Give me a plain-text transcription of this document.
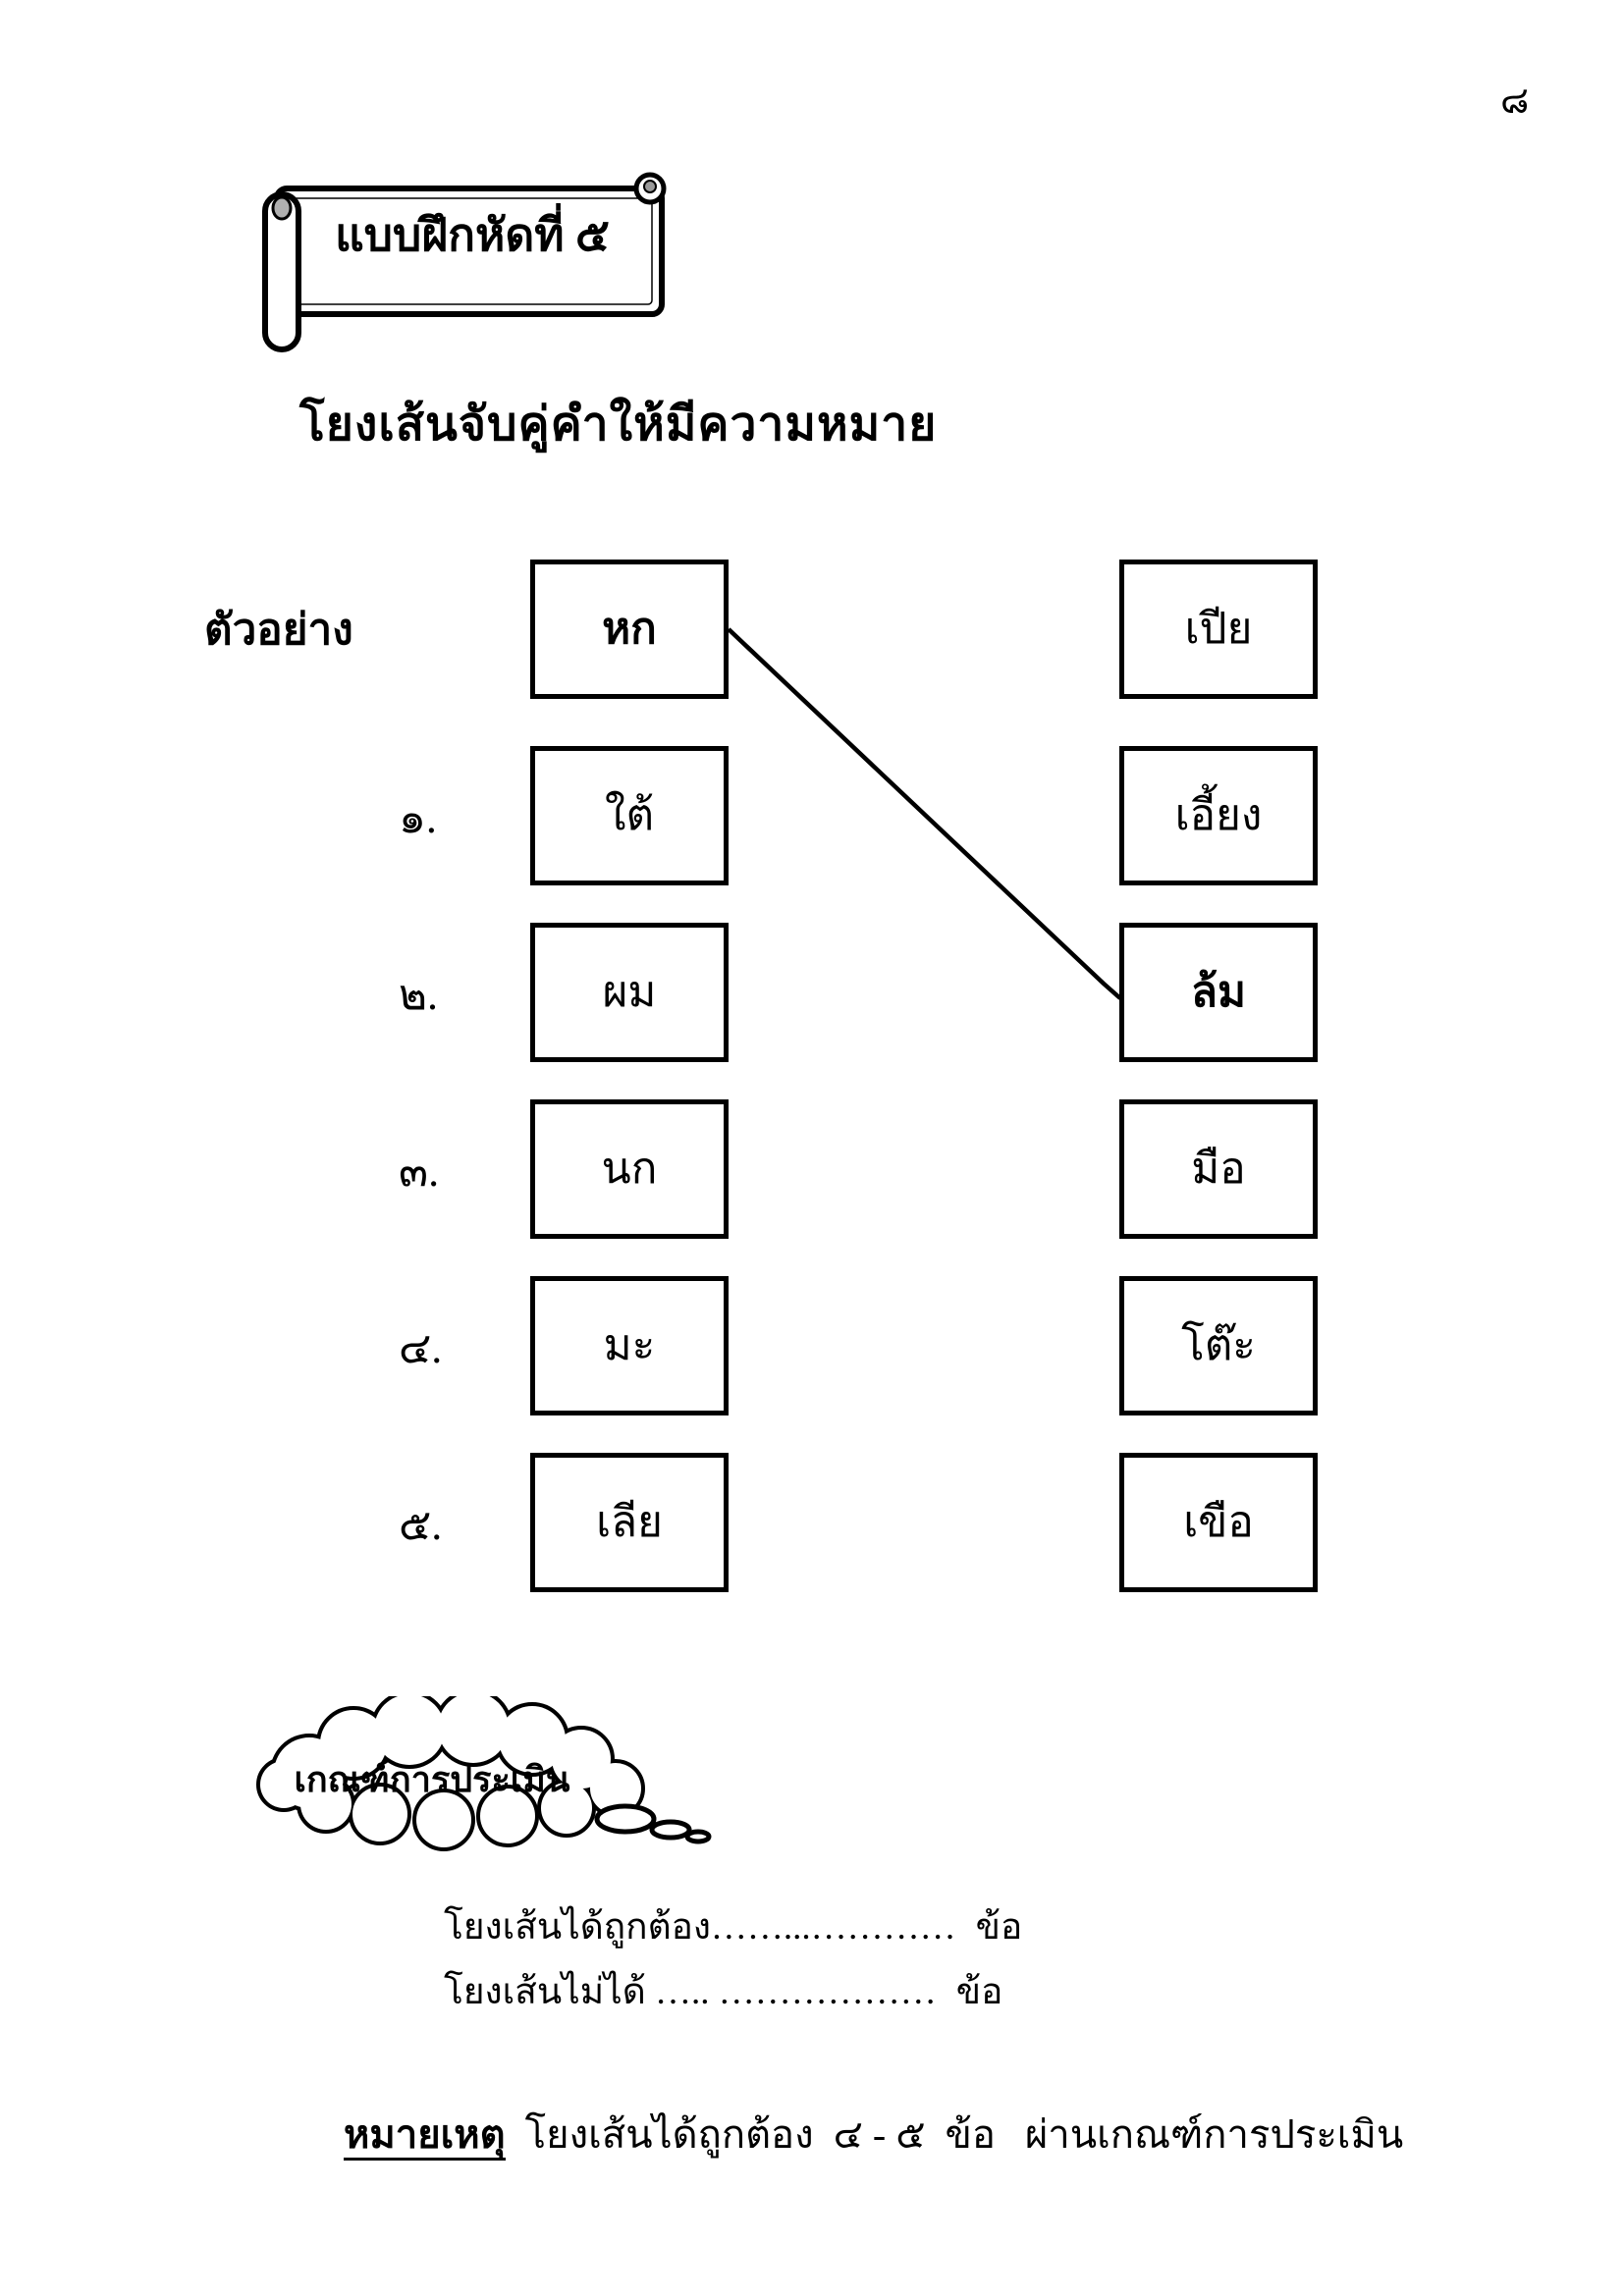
๘
แบบฝึกหัดที่ ๕
โยงเส้นจับคู่คำให้มีความหมาย
ตัวอย่าง
๑.
๒.
๓.
๔.
๕.
หก
ใต้
ผม
นก
มะ
เลีย
เปีย
เอี้ยง
ล้ม
มือ
โต๊ะ
เขือ
เกณฑ์การประเมิน

โยงเส้นได้ถูกต้อง……...………… ข้อ

โยงเส้นไม่ได้ ….. ……………… ข้อ

หมายเหตุ  โยงเส้นได้ถูกต้อง  ๔ - ๕  ข้อ   ผ่านเกณฑ์การประเมิน
